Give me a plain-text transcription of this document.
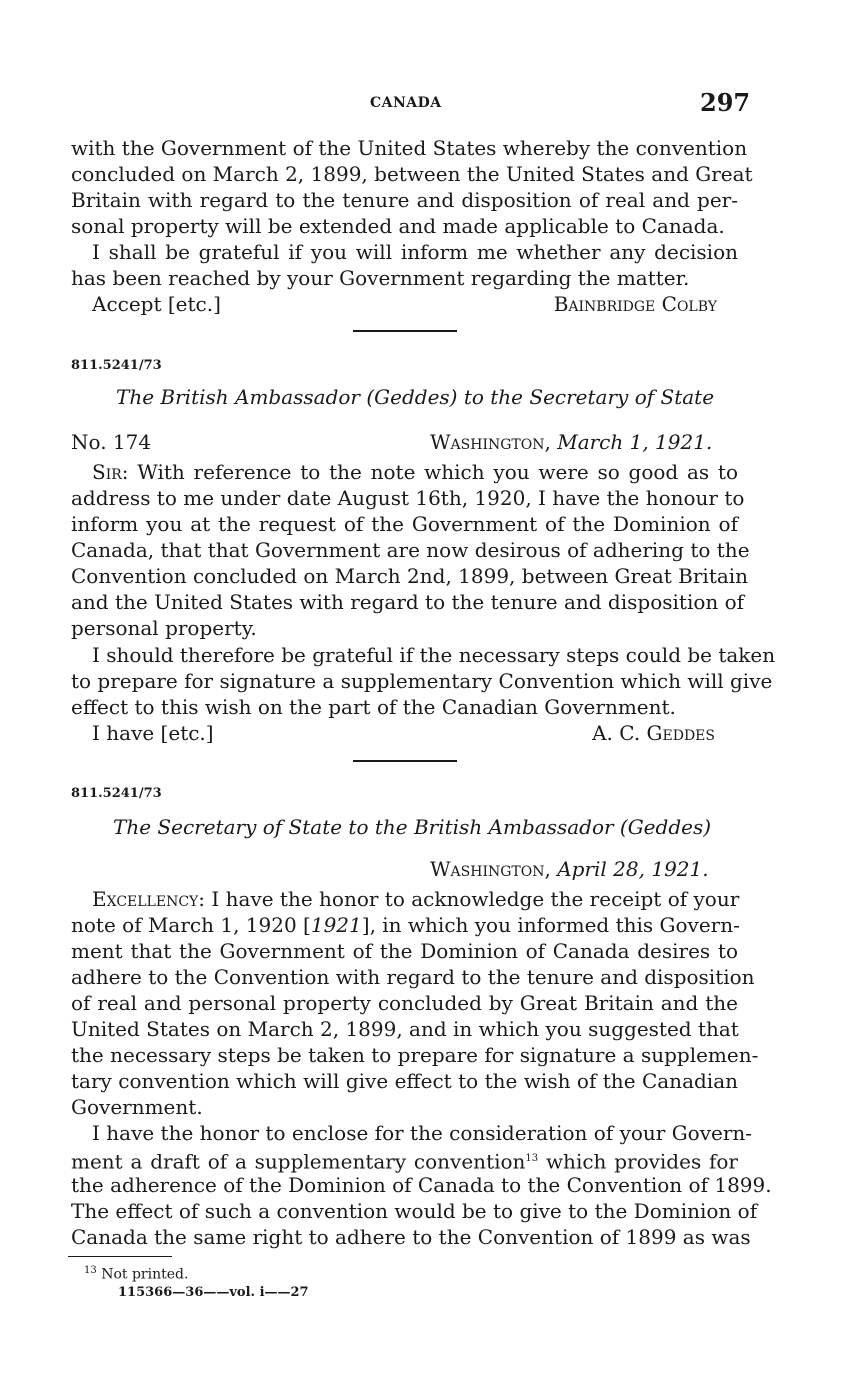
CANADA	297
with the Government of the United States whereby the convention
concluded on March 2, 1899, between the United States and Great
Britain with regard to the tenure and disposition of real and per-
sonal property will be extended and made applicable to Canada.
I shall be grateful if you will inform me whether any decision
has been reached by your Government regarding the matter.
Accept [etc.]	Bainbridge Colby
811.5241/73
The British Ambassador (Geddes) to the Secretary of State
No. 174	Washington, March 1, 1921.
Sir: With reference to the note which you were so good as to
address to me under date August 16th, 1920, I have the honour to
inform you at the request of the Government of the Dominion of
Canada, that that Government are now desirous of adhering to the
Convention concluded on March 2nd, 1899, between Great Britain
and the United States with regard to the tenure and disposition of
personal property.
I should therefore be grateful if the necessary steps could be taken
to prepare for signature a supplementary Convention which will give
effect to this wish on the part of the Canadian Government.
I have [etc.]	A. C. Geddes
811.5241/73
The Secretary of State to the British Ambassador (Geddes)
Washington, April 28, 1921.
Excellency: I have the honor to acknowledge the receipt of your
note of March 1, 1920 [1921], in which you informed this Govern-
ment that the Government of the Dominion of Canada desires to
adhere to the Convention with regard to the tenure and disposition
of real and personal property concluded by Great Britain and the
United States on March 2, 1899, and in which you suggested that
the necessary steps be taken to prepare for signature a supplemen-
tary convention which will give effect to the wish of the Canadian
Government.
I have the honor to enclose for the consideration of your Govern-
ment a draft of a supplementary convention$^{13}$ which provides for
the adherence of the Dominion of Canada to the Convention of 1899.
The effect of such a convention would be to give to the Dominion of
Canada the same right to adhere to the Convention of 1899 as was
$^{13}$ Not printed.
115366—36——vol. i——27
